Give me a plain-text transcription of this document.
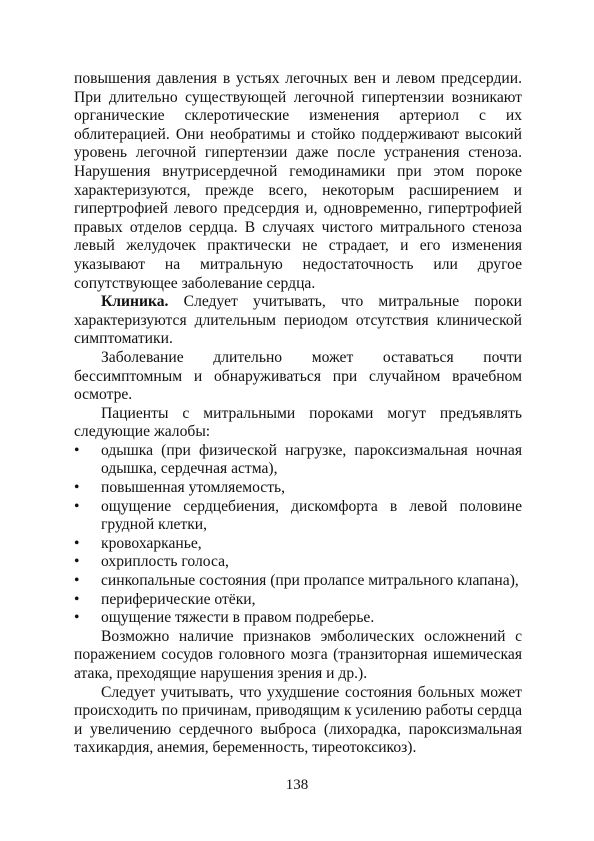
повышения давления в устьях легочных вен и левом предсердии. При длительно существующей легочной гипертензии возникают органические склеротические изменения артериол с их облитерацией. Они необратимы и стойко поддерживают высокий уровень легочной гипертензии даже после устранения стеноза. Нарушения внутрисердечной гемодинамики при этом пороке характеризуются, прежде всего, некоторым расширением и гипертрофией левого предсердия и, одновременно, гипертрофией правых отделов сердца. В случаях чистого митрального стеноза левый желудочек практически не страдает, и его изменения указывают на митральную недостаточность или другое сопутствующее заболевание сердца.

Клиника. Следует учитывать, что митральные пороки характеризуются длительным периодом отсутствия клинической симптоматики.

Заболевание длительно может оставаться почти бессимптомным и обнаруживаться при случайном врачебном осмотре.

Пациенты с митральными пороками могут предъявлять следующие жалобы:

• одышка (при физической нагрузке, пароксизмальная ночная одышка, сердечная астма),
• повышенная утомляемость,
• ощущение сердцебиения, дискомфорта в левой половине грудной клетки,
• кровохарканье,
• охриплость голоса,
• синкопальные состояния (при пролапсе митрального клапана),
• периферические отёки,
• ощущение тяжести в правом подреберье.

Возможно наличие признаков эмболических осложнений с поражением сосудов головного мозга (транзиторная ишемическая атака, преходящие нарушения зрения и др.).

Следует учитывать, что ухудшение состояния больных может происходить по причинам, приводящим к усилению работы сердца и увеличению сердечного выброса (лихорадка, пароксизмальная тахикардия, анемия, беременность, тиреотоксикоз).

138
